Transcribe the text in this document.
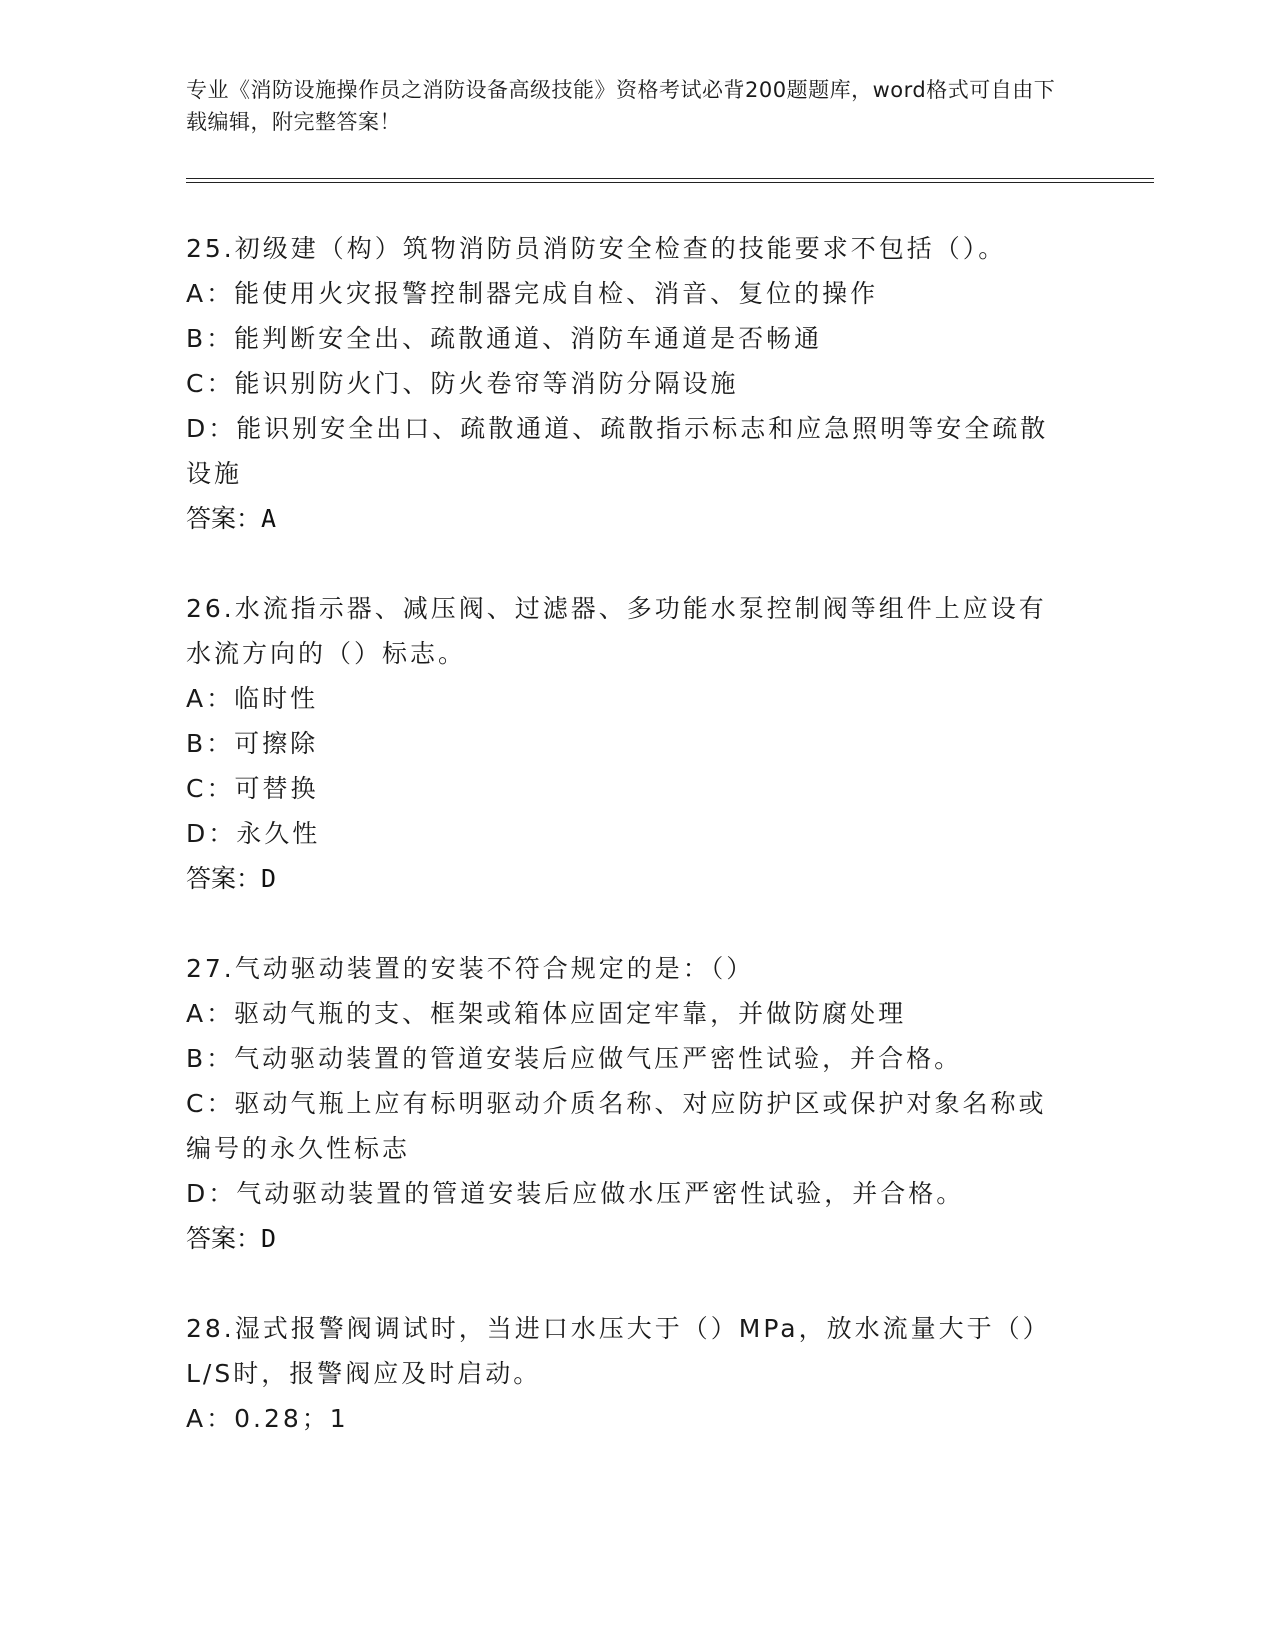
专业《消防设施操作员之消防设备高级技能》资格考试必背200题题库，word格式可自由下载编辑，附完整答案！
25.初级建（构）筑物消防员消防安全检查的技能要求不包括（）。
A：能使用火灾报警控制器完成自检、消音、复位的操作
B：能判断安全出、疏散通道、消防车通道是否畅通
C：能识别防火门、防火卷帘等消防分隔设施
D：能识别安全出口、疏散通道、疏散指示标志和应急照明等安全疏散设施
答案：A
26.水流指示器、减压阀、过滤器、多功能水泵控制阀等组件上应设有水流方向的（）标志。
A：临时性
B：可擦除
C：可替换
D：永久性
答案：D
27.气动驱动装置的安装不符合规定的是：（）
A：驱动气瓶的支、框架或箱体应固定牢靠，并做防腐处理
B：气动驱动装置的管道安装后应做气压严密性试验，并合格。
C：驱动气瓶上应有标明驱动介质名称、对应防护区或保护对象名称或编号的永久性标志
D：气动驱动装置的管道安装后应做水压严密性试验，并合格。
答案：D
28.湿式报警阀调试时，当进口水压大于（）MPa，放水流量大于（）L/S时，报警阀应及时启动。
A：0.28；1
